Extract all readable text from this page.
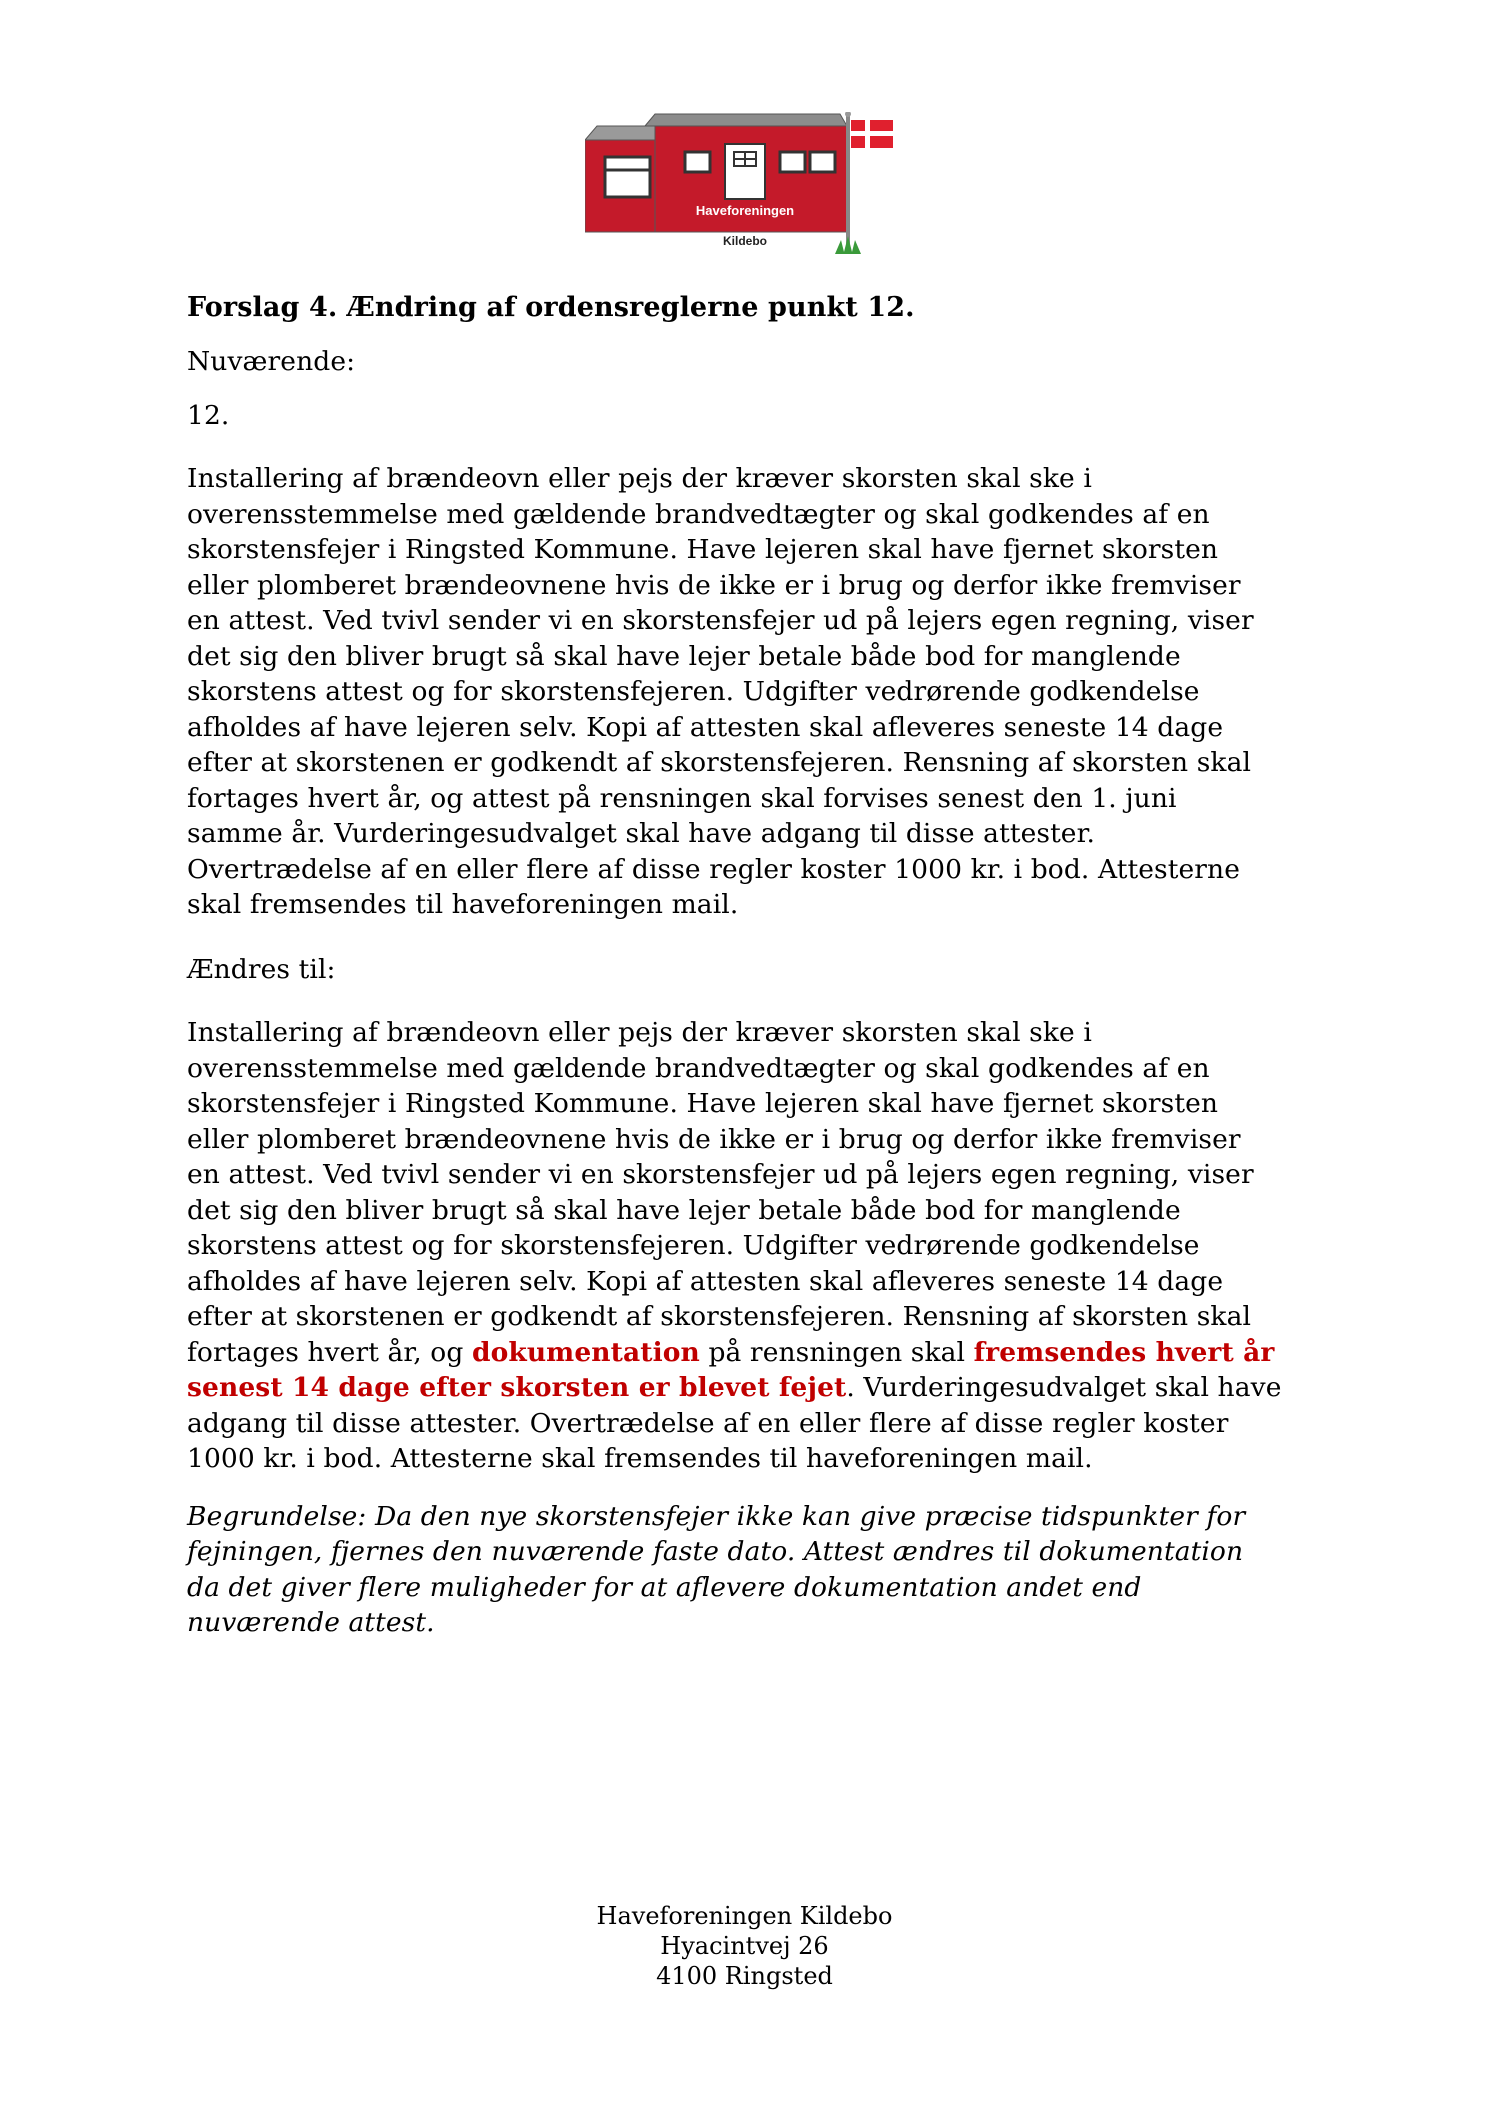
Haveforeningen
Kildebo

Forslag 4. Ændring af ordensreglerne punkt 12.

Nuværende:

12.

Installering af brændeovn eller pejs der kræver skorsten skal ske i
overensstemmelse med gældende brandvedtægter og skal godkendes af en
skorstensfejer i Ringsted Kommune. Have lejeren skal have fjernet skorsten
eller plomberet brændeovnene hvis de ikke er i brug og derfor ikke fremviser
en attest. Ved tvivl sender vi en skorstensfejer ud på lejers egen regning, viser
det sig den bliver brugt så skal have lejer betale både bod for manglende
skorstens attest og for skorstensfejeren. Udgifter vedrørende godkendelse
afholdes af have lejeren selv. Kopi af attesten skal afleveres seneste 14 dage
efter at skorstenen er godkendt af skorstensfejeren. Rensning af skorsten skal
fortages hvert år, og attest på rensningen skal forvises senest den 1. juni
samme år. Vurderingesudvalget skal have adgang til disse attester.
Overtrædelse af en eller flere af disse regler koster 1000 kr. i bod. Attesterne
skal fremsendes til haveforeningen mail.

Ændres til:

Installering af brændeovn eller pejs der kræver skorsten skal ske i
overensstemmelse med gældende brandvedtægter og skal godkendes af en
skorstensfejer i Ringsted Kommune. Have lejeren skal have fjernet skorsten
eller plomberet brændeovnene hvis de ikke er i brug og derfor ikke fremviser
en attest. Ved tvivl sender vi en skorstensfejer ud på lejers egen regning, viser
det sig den bliver brugt så skal have lejer betale både bod for manglende
skorstens attest og for skorstensfejeren. Udgifter vedrørende godkendelse
afholdes af have lejeren selv. Kopi af attesten skal afleveres seneste 14 dage
efter at skorstenen er godkendt af skorstensfejeren. Rensning af skorsten skal
fortages hvert år, og dokumentation på rensningen skal fremsendes hvert år
senest 14 dage efter skorsten er blevet fejet. Vurderingesudvalget skal have
adgang til disse attester. Overtrædelse af en eller flere af disse regler koster
1000 kr. i bod. Attesterne skal fremsendes til haveforeningen mail.

Begrundelse: Da den nye skorstensfejer ikke kan give præcise tidspunkter for
fejningen, fjernes den nuværende faste dato. Attest ændres til dokumentation
da det giver flere muligheder for at aflevere dokumentation andet end
nuværende attest.

Haveforeningen Kildebo
Hyacintvej 26
4100 Ringsted
